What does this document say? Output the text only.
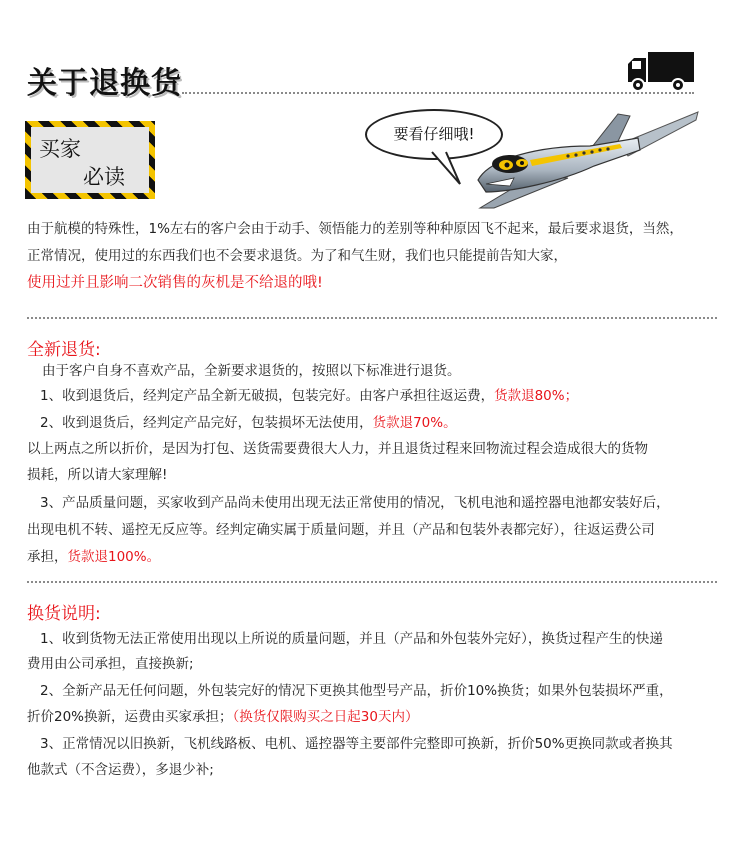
关于退换货
买家
必读
要看仔细哦!
由于航模的特殊性，1%左右的客户会由于动手、领悟能力的差别等种种原因飞不起来，最后要求退货，当然，
正常情况，使用过的东西我们也不会要求退货。为了和气生财，我们也只能提前告知大家，
使用过并且影响二次销售的灰机是不给退的哦!
全新退货:
由于客户自身不喜欢产品，全新要求退货的，按照以下标准进行退货。
1、收到退货后，经判定产品全新无破损，包装完好。由客户承担往返运费，货款退80%；
2、收到退货后，经判定产品完好，包装损坏无法使用，货款退70%。
以上两点之所以折价，是因为打包、送货需要费很大人力，并且退货过程来回物流过程会造成很大的货物
损耗，所以请大家理解!
3、产品质量问题，买家收到产品尚未使用出现无法正常使用的情况，飞机电池和遥控器电池都安装好后，
出现电机不转、遥控无反应等。经判定确实属于质量问题，并且（产品和包装外表都完好），往返运费公司
承担，货款退100%。
换货说明:
1、收到货物无法正常使用出现以上所说的质量问题，并且（产品和外包装外完好），换货过程产生的快递
费用由公司承担，直接换新;
2、全新产品无任何问题，外包装完好的情况下更换其他型号产品，折价10%换货；如果外包装损坏严重，
折价20%换新，运费由买家承担；（换货仅限购买之日起30天内）
3、正常情况以旧换新，飞机线路板、电机、遥控器等主要部件完整即可换新，折价50%更换同款或者换其
他款式（不含运费），多退少补;
